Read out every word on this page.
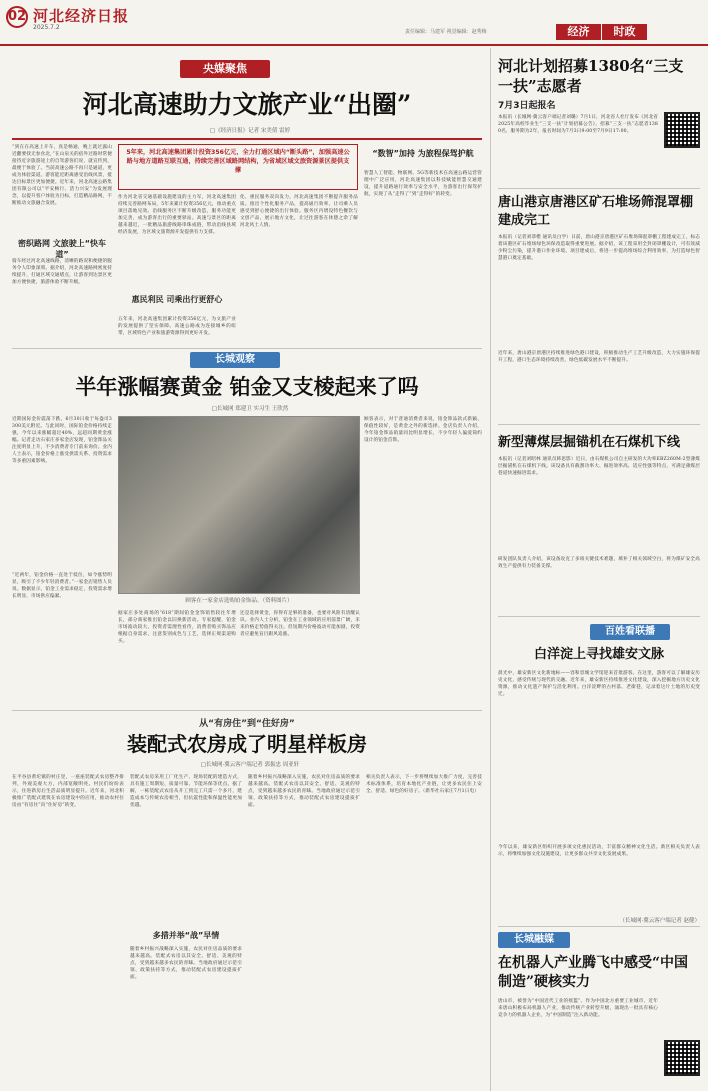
02 河北经济日报
2025.7.2
责任编辑：马建军 视觉编辑：赵秀梅	经济	时政
央媒聚焦
河北高速助力文旅产业“出圈”
□《经济日报》记者 宋美倩 雷婷
“到在在高速上开车，真是畅通，晚上就过露山近翻要找无参食北，”在山泉关的宿外过路时常便接待近亲旅游途上的自驾游客们说，就宣传到，最便于体验了。当前高速公路不再只是通道，更成为体验渠道。游客能近距离感受沿线风景，抵达目标景区更加便捷。近年来，河北高速公路集团有限公司以“平安畅行、活力兴安”为发展理念，以提升客户体验为目标，打造精品路网，不断推动文旅融合发展。
密织路网 文旅驶上“快车道”
骑车经过河北高速线路，清晰的路况和便捷的服务令人印象深刻。据介绍，河北高速路网密度持续提升，打通区域交通堵点，让游客到达景区更加方便快捷，旅游体验不断升级。
5年来，河北高速集团累计投资356亿元，全力打通区域内“断头路”，加强高速公路与地方道路互联互通，持续完善区域路网结构，为省域区域文旅资源景区提供支撑
作为河北省交通基础设施建设的主力军，河北高速集团持续完善路网布局，5年来累计投资356亿元，推动重点项目落地见效。沿线服务区不断升级改造，服务功能更加完善，成为游客出行的重要驿站。高速与景区的距离越来越近，一批精品旅游线路串珠成链，带动沿线县域经济发展，为区域文旅资源开发提供有力支撑。
惠民利民 司乘出行更舒心
五年来，河北高速集团累计投资356亿元，为文旅产业的发展提供了坚实保障。高速公路成为连接城乡的纽带，区域特色产业和旅游资源得到更好开发。
化、惠民服务双向发力，河北高速集团不断提升服务品质。推出个性化服务产品，提高通行效率，让司乘人员感受到舒心便捷的出行体验。服务区内增设特色餐饮与文创产品，展示地方文化，让过往游客在休憩之余了解河北风土人情。
“数智”加持 为旅程保驾护航
智慧人工智能、物联网、5G等新技术在高速公路运营管理中广泛应用，河北高速集团以科技赋能智慧交通建设，提升道路通行效率与安全水平，为游客出行保驾护航，实现了从“走得了”到“走得好”的转变。
长城观察
半年涨幅赛黄金 铂金又支棱起来了吗
□长城网 郑建卫 实习生 王欣然
近期国际金价震荡下跌，6月30日收于每盎司3300美元附近。与此同时，国际铂金价格持续走强，今年以来涨幅超过40%，远超同期黄金涨幅。记者走访石家庄多家金店发现，铂金饰品关注度明显上升，不少消费者专门前来询价。业内人士表示，铂金价格上涨受供需关系、投资需求等多重因素影响。
“近两年，铂金价格一直处于低位，如今涨势明显，吸引了不少年轻消费者。”一家金店销售人员说。数据显示，铂金工业需求稳定，投资需求增长明显，市场供应偏紧。
顾客在一家金店选购铂金饰品。（资料图片）
据家庄多处商场的“618”期间铂金金饰销售较往年增长，部分商家推出铂金以旧换新活动。专家提醒，铂金市场波动较大，投资者需理性看待，消费者购买饰品应根据自身需求，注意鉴别成色与工艺，选择正规渠道购买。
还是选择黄金，你得有足够的准备，也要对风险有清醒认识。业内人士分析，铂金在工业领域的应用前景广阔，未来价格走势值得关注。但短期内价格波动可能加剧，投资者应避免盲目跟风追涨。
顾客表示，对于普通消费者来说，铂金饰品款式新颖、保值性较好，是黄金之外的新选择。金店负责人介绍，今年铂金饰品销量同比明显增长，不少年轻人偏爱简约设计的铂金首饰。
从“有房住”到“住好房”
装配式农房成了明星样板房
□长城网·冀云客户端记者 郭振忠 周亚轩
在平谷县黄坨镇的村庄里，一座座装配式农房整齐排列，外观美观大方，内部宽敞明亮。村民们纷纷表示，住进新房后生活品质明显提升。近年来，河北积极推广装配式建筑在农房建设中的应用，推动农村住房由“有房住”向“住好房”转变。
装配式农房采用工厂化生产、现场装配的建造方式，具有施工周期短、质量可靠、节能环保等优点。据了解，一栋装配式农房从开工到完工只需一个多月，建造成本与传统农房相当，但抗震性能和保温性能更加优越。
多措并举“战”早情
随着乡村振兴战略深入实施，农民对住房品质的要求越来越高。装配式农房以其安全、舒适、美观的特点，受到越来越多农民的青睐。当地政府通过示范引领、政策扶持等方式，推动装配式农房建设提质扩面。
随着乡村振兴战略深入实施，农民对住房品质的要求越来越高。装配式农房以其安全、舒适、美观的特点，受到越来越多农民的青睐。当地政府通过示范引领、政策扶持等方式，推动装配式农房建设提质扩面。
相关负责人表示，下一步将继续加大推广力度，完善技术标准体系，培育本地化产业链，让更多农民住上安全、舒适、绿色的好房子。（新华社石家庄7月1日电）
河北计划招募1380名“三支一扶”志愿者
7月3日起报名
本报讯（长城网·冀云客户端记者刘璐）7月1日，河北省人社厅发布《河北省2025年高校毕业生“三支一扶”计划招募公告》，招募“三支一扶”志愿者1380名，服务期为2年，报名时间为7月3日9:00至7月9日17:00。
唐山港京唐港区矿石堆场筛混罩棚建成完工
本报讯（记者刘恭楷 通讯员白学）日前，唐山港京唐港区矿石堆场筛混罩棚工程建成完工，标志着该港区矿石堆场绿色环保改造取得重要进展。据介绍，该工程采用全封闭罩棚设计，可有效减少粉尘污染，提升港口作业环境。项目建成后，将进一步提高堆场综合利用效率，为打造绿色智慧港口奠定基础。
近年来，唐山港京唐港区持续推进绿色港口建设，积极推动生产工艺升级改造，大力实施环保提升工程，港口生态环境持续改善，绿色低碳发展水平不断提升。
新型薄煤层掘锚机在石煤机下线
本报讯（记者刘昭林 通讯员韩思影）近日，由石煤机公司自主研发的大功率EBZ260M-2型薄煤层掘锚机在石煤机下线。该设备具有截割功率大、掘进效率高、适应性强等特点，可满足薄煤层巷道快速掘进需求。
研发团队负责人介绍，该设备攻克了多项关键技术难题，填补了相关领域空白，将为煤矿安全高效生产提供有力装备支撑。
百姓看联播
白洋淀上寻找雄安文脉
晨光中，雄安新区文化新地标——容和容城文学馆迎来首批游客。在这里，游客可以了解雄安历史文化，感受传统与现代的交融。近年来，雄安新区持续推进文化建设，深入挖掘地方历史文化资源，推动文化遗产保护与活化利用。白洋淀畔的古村落、老街巷，记录着这片土地的历史变迁。
今年以来，雄安新区组织开展多项文化惠民活动，丰富群众精神文化生活。新区相关负责人表示，将继续加强文化设施建设，让更多群众共享文化发展成果。
（长城网·冀云客户端记者 赵健）
长城融媒
在机器人产业腾飞中感受“中国制造”硬核实力
唐山市，被誉为“中国近代工业的摇篮”。作为中国北方重要工业城市，近年来唐山积极布局机器人产业，推动传统产业转型升级，涌现出一批具有核心竞争力的机器人企业，为“中国制造”注入新动能。
